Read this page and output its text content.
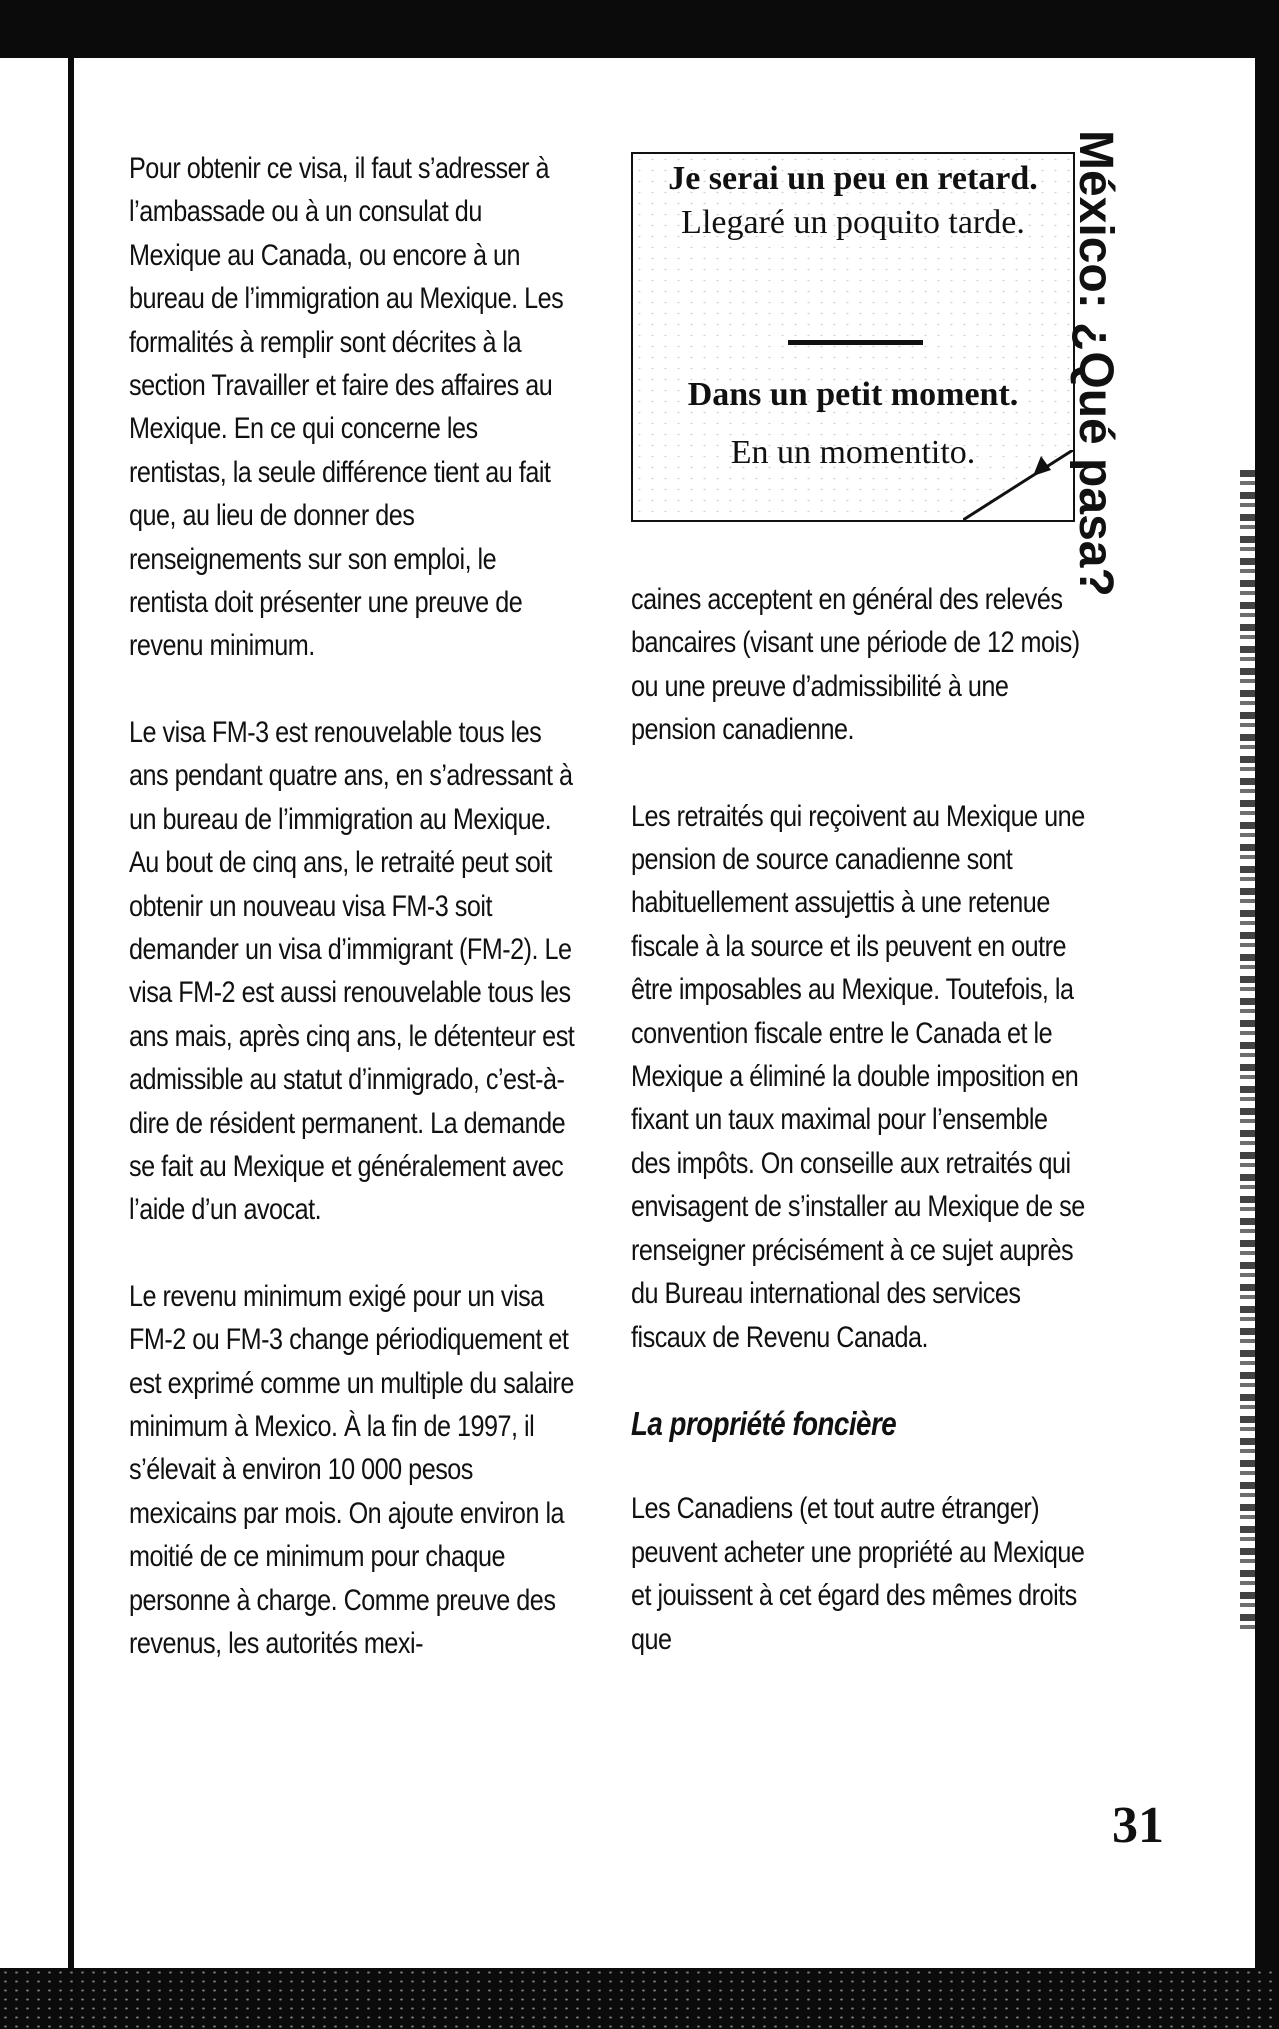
Pour obtenir ce visa, il faut s’adresser à l’ambassade ou à un consulat du Mexique au Canada, ou encore à un bureau de l’immigration au Mexique. Les formalités à remplir sont décrites à la section Travailler et faire des affaires au Mexique. En ce qui concerne les rentistas, la seule différence tient au fait que, au lieu de donner des renseignements sur son emploi, le rentista doit présenter une preuve de revenu minimum.

Le visa FM-3 est renouvelable tous les ans pendant quatre ans, en s’adressant à un bureau de l’immigration au Mexique. Au bout de cinq ans, le retraité peut soit obtenir un nouveau visa FM-3 soit demander un visa d’immigrant (FM-2). Le visa FM-2 est aussi renouvelable tous les ans mais, après cinq ans, le détenteur est admissible au statut d’inmigrado, c’est-à-dire de résident permanent. La demande se fait au Mexique et généralement avec l’aide d’un avocat.

Le revenu minimum exigé pour un visa FM-2 ou FM-3 change périodiquement et est exprimé comme un multiple du salaire minimum à Mexico. À la fin de 1997, il s’élevait à environ 10 000 pesos mexicains par mois. On ajoute environ la moitié de ce minimum pour chaque personne à charge. Comme preuve des revenus, les autorités mexi-

Je serai un peu en retard.
Llegaré un poquito tarde.
Dans un petit moment.
En un momentito.

caines acceptent en général des relevés bancaires (visant une période de 12 mois) ou une preuve d’admissibilité à une pension canadienne.

Les retraités qui reçoivent au Mexique une pension de source canadienne sont habituellement assujettis à une retenue fiscale à la source et ils peuvent en outre être imposables au Mexique. Toutefois, la convention fiscale entre le Canada et le Mexique a éliminé la double imposition en fixant un taux maximal pour l’ensemble des impôts. On conseille aux retraités qui envisagent de s’installer au Mexique de se renseigner précisément à ce sujet auprès du Bureau international des services fiscaux de Revenu Canada.

La propriété foncière

Les Canadiens (et tout autre étranger) peuvent acheter une propriété au Mexique et jouissent à cet égard des mêmes droits que

México: ¿Qué pasa?
31
